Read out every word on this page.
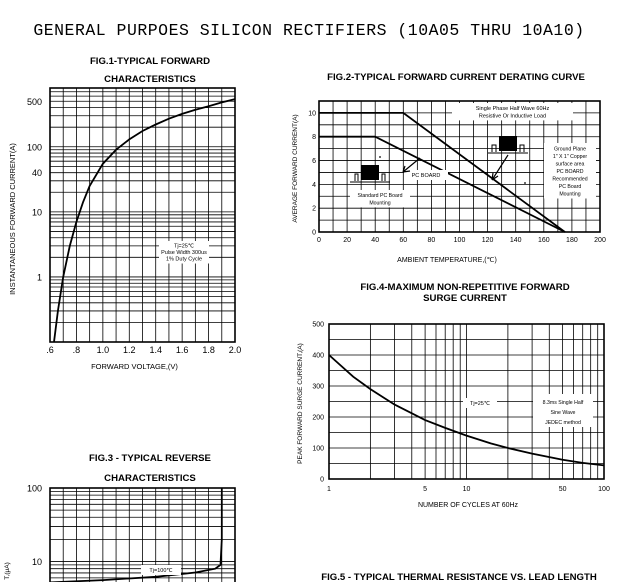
GENERAL PURPOES SILICON RECTIFIERS (10A05 THRU 10A10)
FIG.1-TYPICAL FORWARD
CHARACTERISTICS	FIG.2-TYPICAL FORWARD CURRENT DERATING CURVE
FIG.4-MAXIMUM NON-REPETITIVE FORWARD
SURGE CURRENT
FIG.3 - TYPICAL REVERSE
CHARACTERISTICS
FIG.5 - TYPICAL THERMAL RESISTANCE VS. LEAD LENGTH
.6 .8 1.0 1.2 1.4 1.6 1.8 2.0
1
10
40
100
500
FORWARD VOLTAGE,(V)
INSTANTANEOUS FORWARD CURRENT(A)	Tj=25℃
Pulse Width 300us
1% Duty Cycle
0	20	40	60	80	100 120 140 160 180 200
0
2
4
6
8
10
AMBIENT TEMPERATURE,(℃)
AVERAGE FORWARD CURRENT(A)
Single Phase Half Wave 60Hz
Resistive Or Inductive Load
Ground Plane
1" X 1" Copper
surface area
PC BOARD
Recommended
PC Board
Mounting
PC BOARD
Standard PC Board
Mounting
1	5	10	50	100
0
100
200
300
400
500
NUMBER OF CYCLES AT 60Hz
PEAK FORWARD SURGE CURRENT,(A)	Tj=25℃	8.3ms Single Half
Sine Wave
JEDEC method
10
100
T,(μA)	Tj=100℃
